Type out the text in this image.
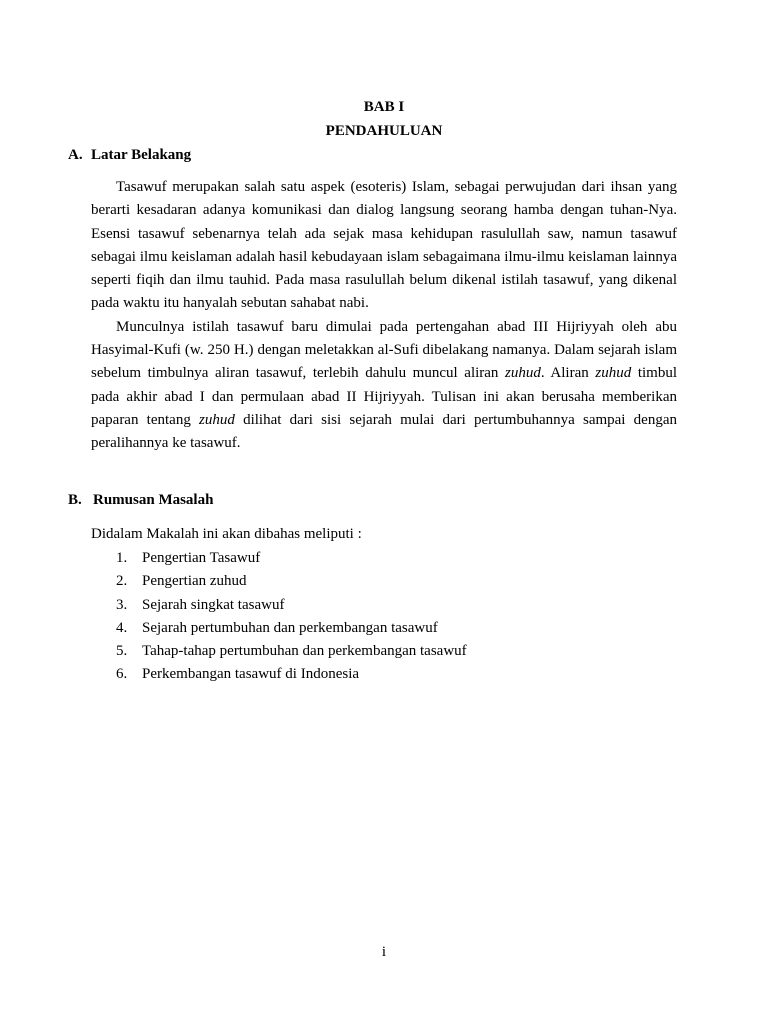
BAB I
PENDAHULUAN
A. Latar Belakang

Tasawuf merupakan salah satu aspek (esoteris) Islam, sebagai perwujudan dari ihsan yang berarti kesadaran adanya komunikasi dan dialog langsung seorang hamba dengan tuhan-Nya. Esensi tasawuf sebenarnya telah ada sejak masa kehidupan rasulullah saw, namun tasawuf sebagai ilmu keislaman adalah hasil kebudayaan islam sebagaimana ilmu-ilmu keislaman lainnya seperti fiqih dan ilmu tauhid. Pada masa rasulullah belum dikenal istilah tasawuf, yang dikenal pada waktu itu hanyalah sebutan sahabat nabi.

Munculnya istilah tasawuf baru dimulai pada pertengahan abad III Hijriyyah oleh abu Hasyimal-Kufi (w. 250 H.) dengan meletakkan al-Sufi dibelakang namanya. Dalam sejarah islam sebelum timbulnya aliran tasawuf, terlebih dahulu muncul aliran zuhud. Aliran zuhud timbul pada akhir abad I dan permulaan abad II Hijriyyah. Tulisan ini akan berusaha memberikan paparan tentang zuhud dilihat dari sisi sejarah mulai dari pertumbuhannya sampai dengan peralihannya ke tasawuf.

B. Rumusan Masalah
Didalam Makalah ini akan dibahas meliputi :
1. Pengertian Tasawuf
2. Pengertian zuhud
3. Sejarah singkat tasawuf
4. Sejarah pertumbuhan dan perkembangan tasawuf
5. Tahap-tahap pertumbuhan dan perkembangan tasawuf
6. Perkembangan tasawuf di Indonesia
i
